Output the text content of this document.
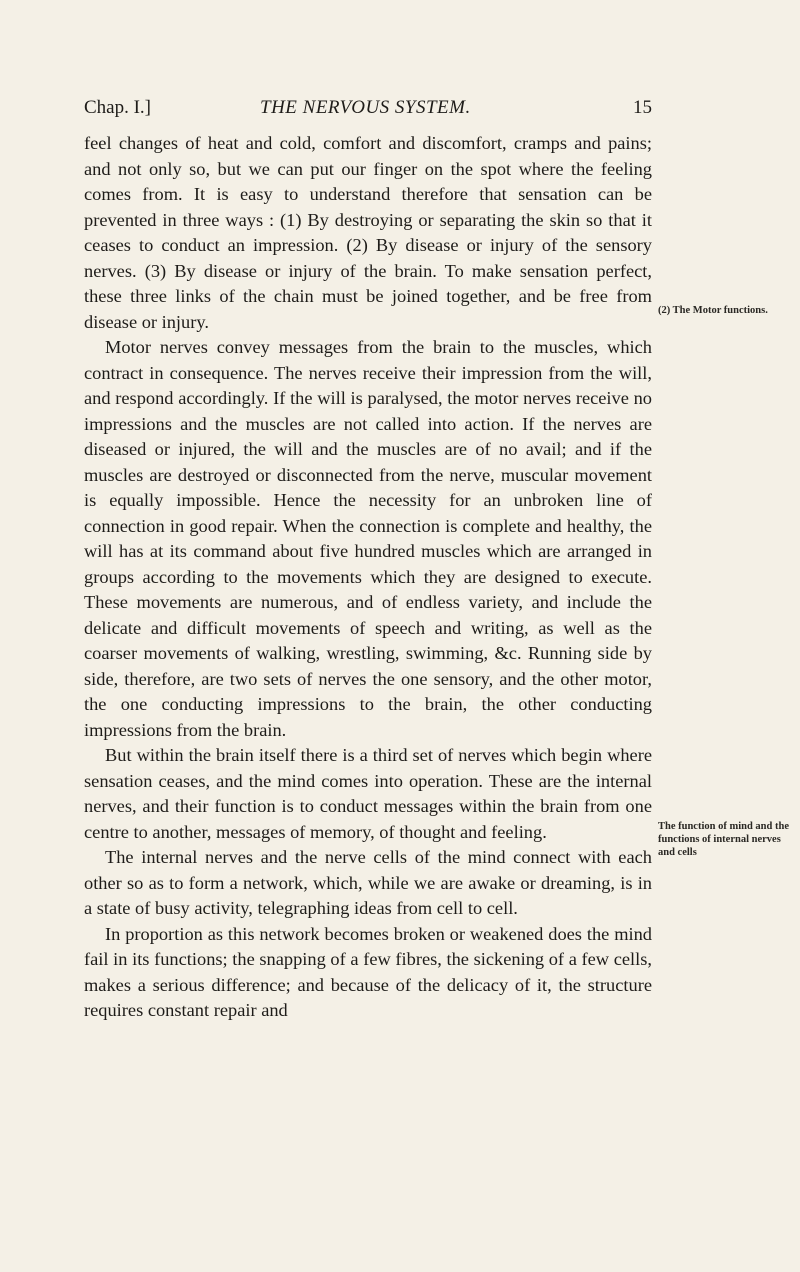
Chap. I.]	THE NERVOUS SYSTEM.	15

feel changes of heat and cold, comfort and discomfort, cramps and pains; and not only so, but we can put our finger on the spot where the feeling comes from. It is easy to understand therefore that sensation can be prevented in three ways : (1) By destroying or separating the skin so that it ceases to conduct an impression. (2) By disease or injury of the sensory nerves. (3) By disease or injury of the brain. To make sensation perfect, these three links of the chain must be joined together, and be free from disease or injury.

Motor nerves convey messages from the brain to the muscles, which contract in consequence. The nerves receive their impression from the will, and respond accordingly. If the will is paralysed, the motor nerves receive no impressions and the muscles are not called into action. If the nerves are diseased or injured, the will and the muscles are of no avail; and if the muscles are destroyed or disconnected from the nerve, muscular movement is equally impossible. Hence the necessity for an unbroken line of connection in good repair. When the connection is complete and healthy, the will has at its command about five hundred muscles which are arranged in groups according to the movements which they are designed to execute. These movements are numerous, and of endless variety, and include the delicate and difficult movements of speech and writing, as well as the coarser movements of walking, wrestling, swimming, &c. Running side by side, therefore, are two sets of nerves the one sensory, and the other motor, the one conducting impressions to the brain, the other conducting impressions from the brain.

But within the brain itself there is a third set of nerves which begin where sensation ceases, and the mind comes into operation. These are the internal nerves, and their function is to conduct messages within the brain from one centre to another, messages of memory, of thought and feeling.

The internal nerves and the nerve cells of the mind connect with each other so as to form a network, which, while we are awake or dreaming, is in a state of busy activity, telegraphing ideas from cell to cell.

In proportion as this network becomes broken or weakened does the mind fail in its functions; the snapping of a few fibres, the sickening of a few cells, makes a serious difference; and because of the delicacy of it, the structure requires constant repair and

(2) The Motor functions.
The function of mind and the functions of internal nerves and cells
